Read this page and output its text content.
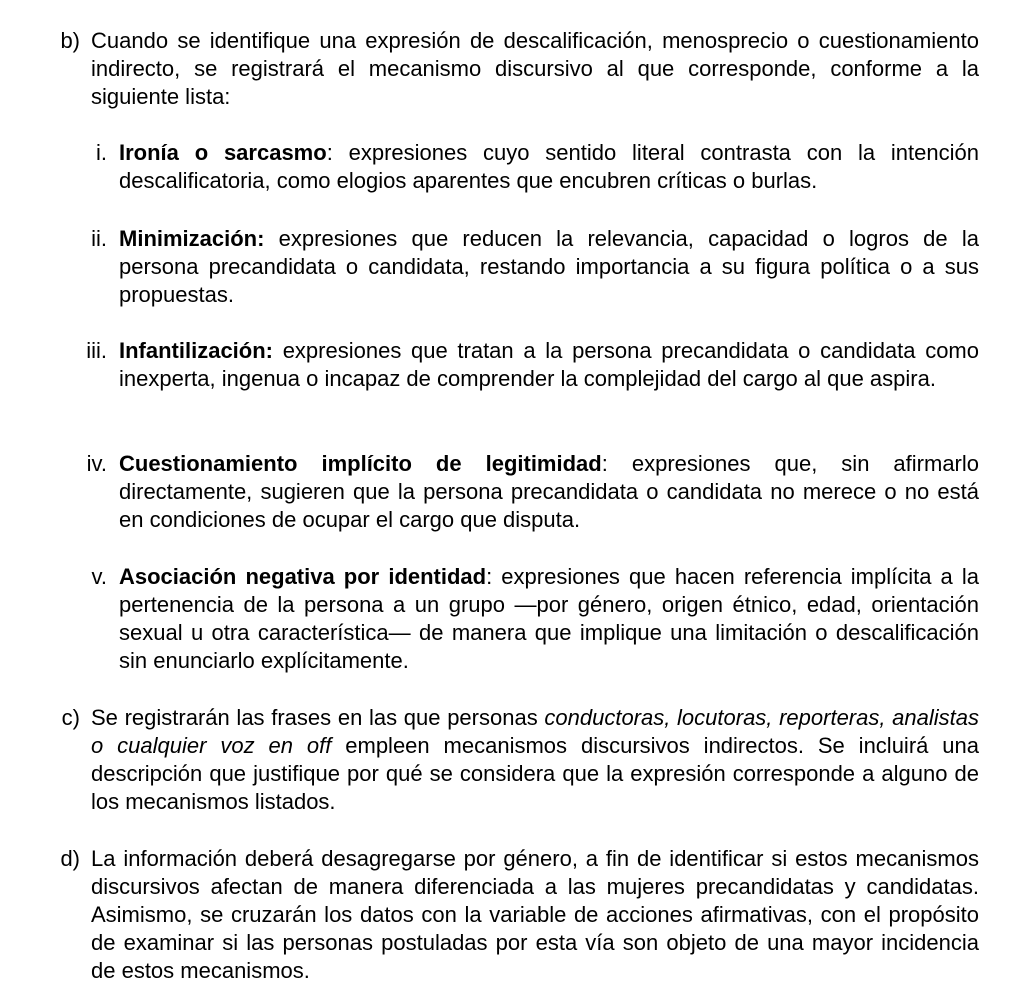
b) Cuando se identifique una expresión de descalificación, menosprecio o cuestionamiento indirecto, se registrará el mecanismo discursivo al que corresponde, conforme a la siguiente lista:

i. Ironía o sarcasmo: expresiones cuyo sentido literal contrasta con la intención descalificatoria, como elogios aparentes que encubren críticas o burlas.

ii. Minimización: expresiones que reducen la relevancia, capacidad o logros de la persona precandidata o candidata, restando importancia a su figura política o a sus propuestas.

iii. Infantilización: expresiones que tratan a la persona precandidata o candidata como inexperta, ingenua o incapaz de comprender la complejidad del cargo al que aspira.

iv. Cuestionamiento implícito de legitimidad: expresiones que, sin afirmarlo directamente, sugieren que la persona precandidata o candidata no merece o no está en condiciones de ocupar el cargo que disputa.

v. Asociación negativa por identidad: expresiones que hacen referencia implícita a la pertenencia de la persona a un grupo —por género, origen étnico, edad, orientación sexual u otra característica— de manera que implique una limitación o descalificación sin enunciarlo explícitamente.

c) Se registrarán las frases en las que personas conductoras, locutoras, reporteras, analistas o cualquier voz en off empleen mecanismos discursivos indirectos. Se incluirá una descripción que justifique por qué se considera que la expresión corresponde a alguno de los mecanismos listados.

d) La información deberá desagregarse por género, a fin de identificar si estos mecanismos discursivos afectan de manera diferenciada a las mujeres precandidatas y candidatas. Asimismo, se cruzarán los datos con la variable de acciones afirmativas, con el propósito de examinar si las personas postuladas por esta vía son objeto de una mayor incidencia de estos mecanismos.
